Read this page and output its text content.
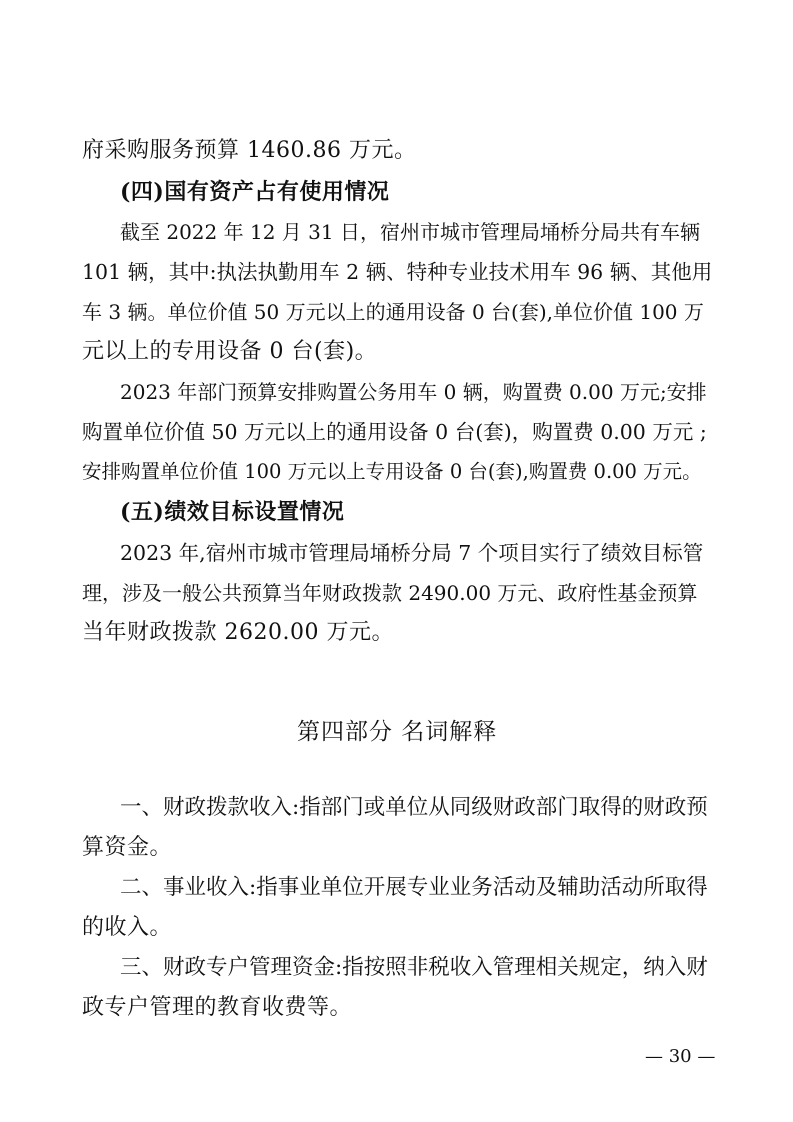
府采购服务预算 1460.86 万元。
(四)国有资产占有使用情况
截至 2022 年 12 月 31 日，宿州市城市管理局埇桥分局共有车辆
101 辆，其中:执法执勤用车 2 辆、特种专业技术用车 96 辆、其他用
车 3 辆。单位价值 50 万元以上的通用设备 0 台(套),单位价值 100 万
元以上的专用设备 0 台(套)。
2023 年部门预算安排购置公务用车 0 辆，购置费 0.00 万元;安排
购置单位价值 50 万元以上的通用设备 0 台(套)，购置费 0.00 万元 ;
安排购置单位价值 100 万元以上专用设备 0 台(套),购置费 0.00 万元。
(五)绩效目标设置情况
2023 年,宿州市城市管理局埇桥分局 7 个项目实行了绩效目标管
理，涉及一般公共预算当年财政拨款 2490.00 万元、政府性基金预算
当年财政拨款 2620.00 万元。
第四部分 名词解释
一、财政拨款收入:指部门或单位从同级财政部门取得的财政预
算资金。
二、事业收入:指事业单位开展专业业务活动及辅助活动所取得
的收入。
三、财政专户管理资金:指按照非税收入管理相关规定，纳入财
政专户管理的教育收费等。
— 30 —
